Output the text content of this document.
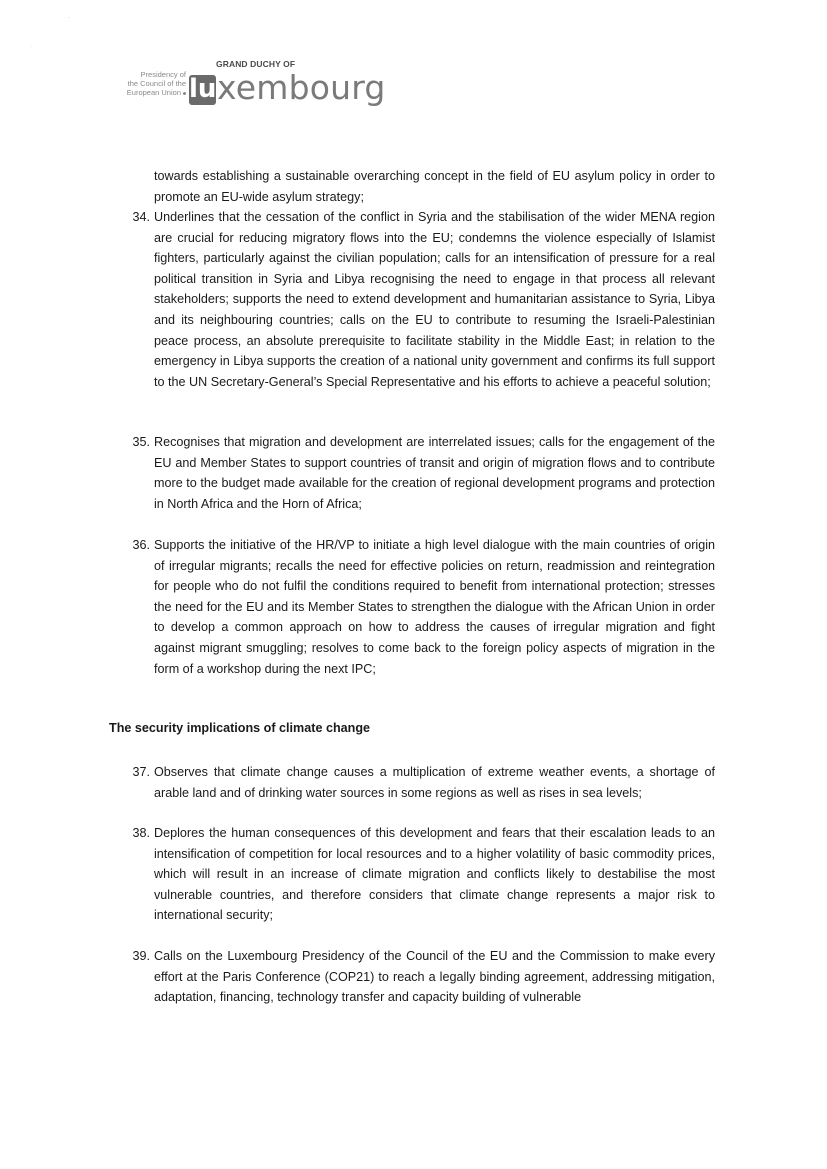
´
·
Presidency of
the Council of the
European Union
GRAND DUCHY OF
lu xembourg

towards establishing a sustainable overarching concept in the field of EU asylum policy in order to promote an EU-wide asylum strategy;

34. Underlines that the cessation of the conflict in Syria and the stabilisation of the wider MENA region are crucial for reducing migratory flows into the EU; condemns the violence especially of Islamist fighters, particularly against the civilian population; calls for an intensification of pressure for a real political transition in Syria and Libya recognising the need to engage in that process all relevant stakeholders; supports the need to extend development and humanitarian assistance to Syria, Libya and its neighbouring countries; calls on the EU to contribute to resuming the Israeli-Palestinian peace process, an absolute prerequisite to facilitate stability in the Middle East; in relation to the emergency in Libya supports the creation of a national unity government and confirms its full support to the UN Secretary-General’s Special Representative and his efforts to achieve a peaceful solution;
35. Recognises that migration and development are interrelated issues; calls for the engagement of the EU and Member States to support countries of transit and origin of migration flows and to contribute more to the budget made available for the creation of regional development programs and protection in North Africa and the Horn of Africa;
36. Supports the initiative of the HR/VP to initiate a high level dialogue with the main countries of origin of irregular migrants; recalls the need for effective policies on return, readmission and reintegration for people who do not fulfil the conditions required to benefit from international protection; stresses the need for the EU and its Member States to strengthen the dialogue with the African Union in order to develop a common approach on how to address the causes of irregular migration and fight against migrant smuggling; resolves to come back to the foreign policy aspects of migration in the form of a workshop during the next IPC;
The security implications of climate change
37. Observes that climate change causes a multiplication of extreme weather events, a shortage of arable land and of drinking water sources in some regions as well as rises in sea levels;
38. Deplores the human consequences of this development and fears that their escalation leads to an intensification of competition for local resources and to a higher volatility of basic commodity prices, which will result in an increase of climate migration and conflicts likely to destabilise the most vulnerable countries, and therefore considers that climate change represents a major risk to international security;
39. Calls on the Luxembourg Presidency of the Council of the EU and the Commission to make every effort at the Paris Conference (COP21) to reach a legally binding agreement, addressing mitigation, adaptation, financing, technology transfer and capacity building of vulnerable
